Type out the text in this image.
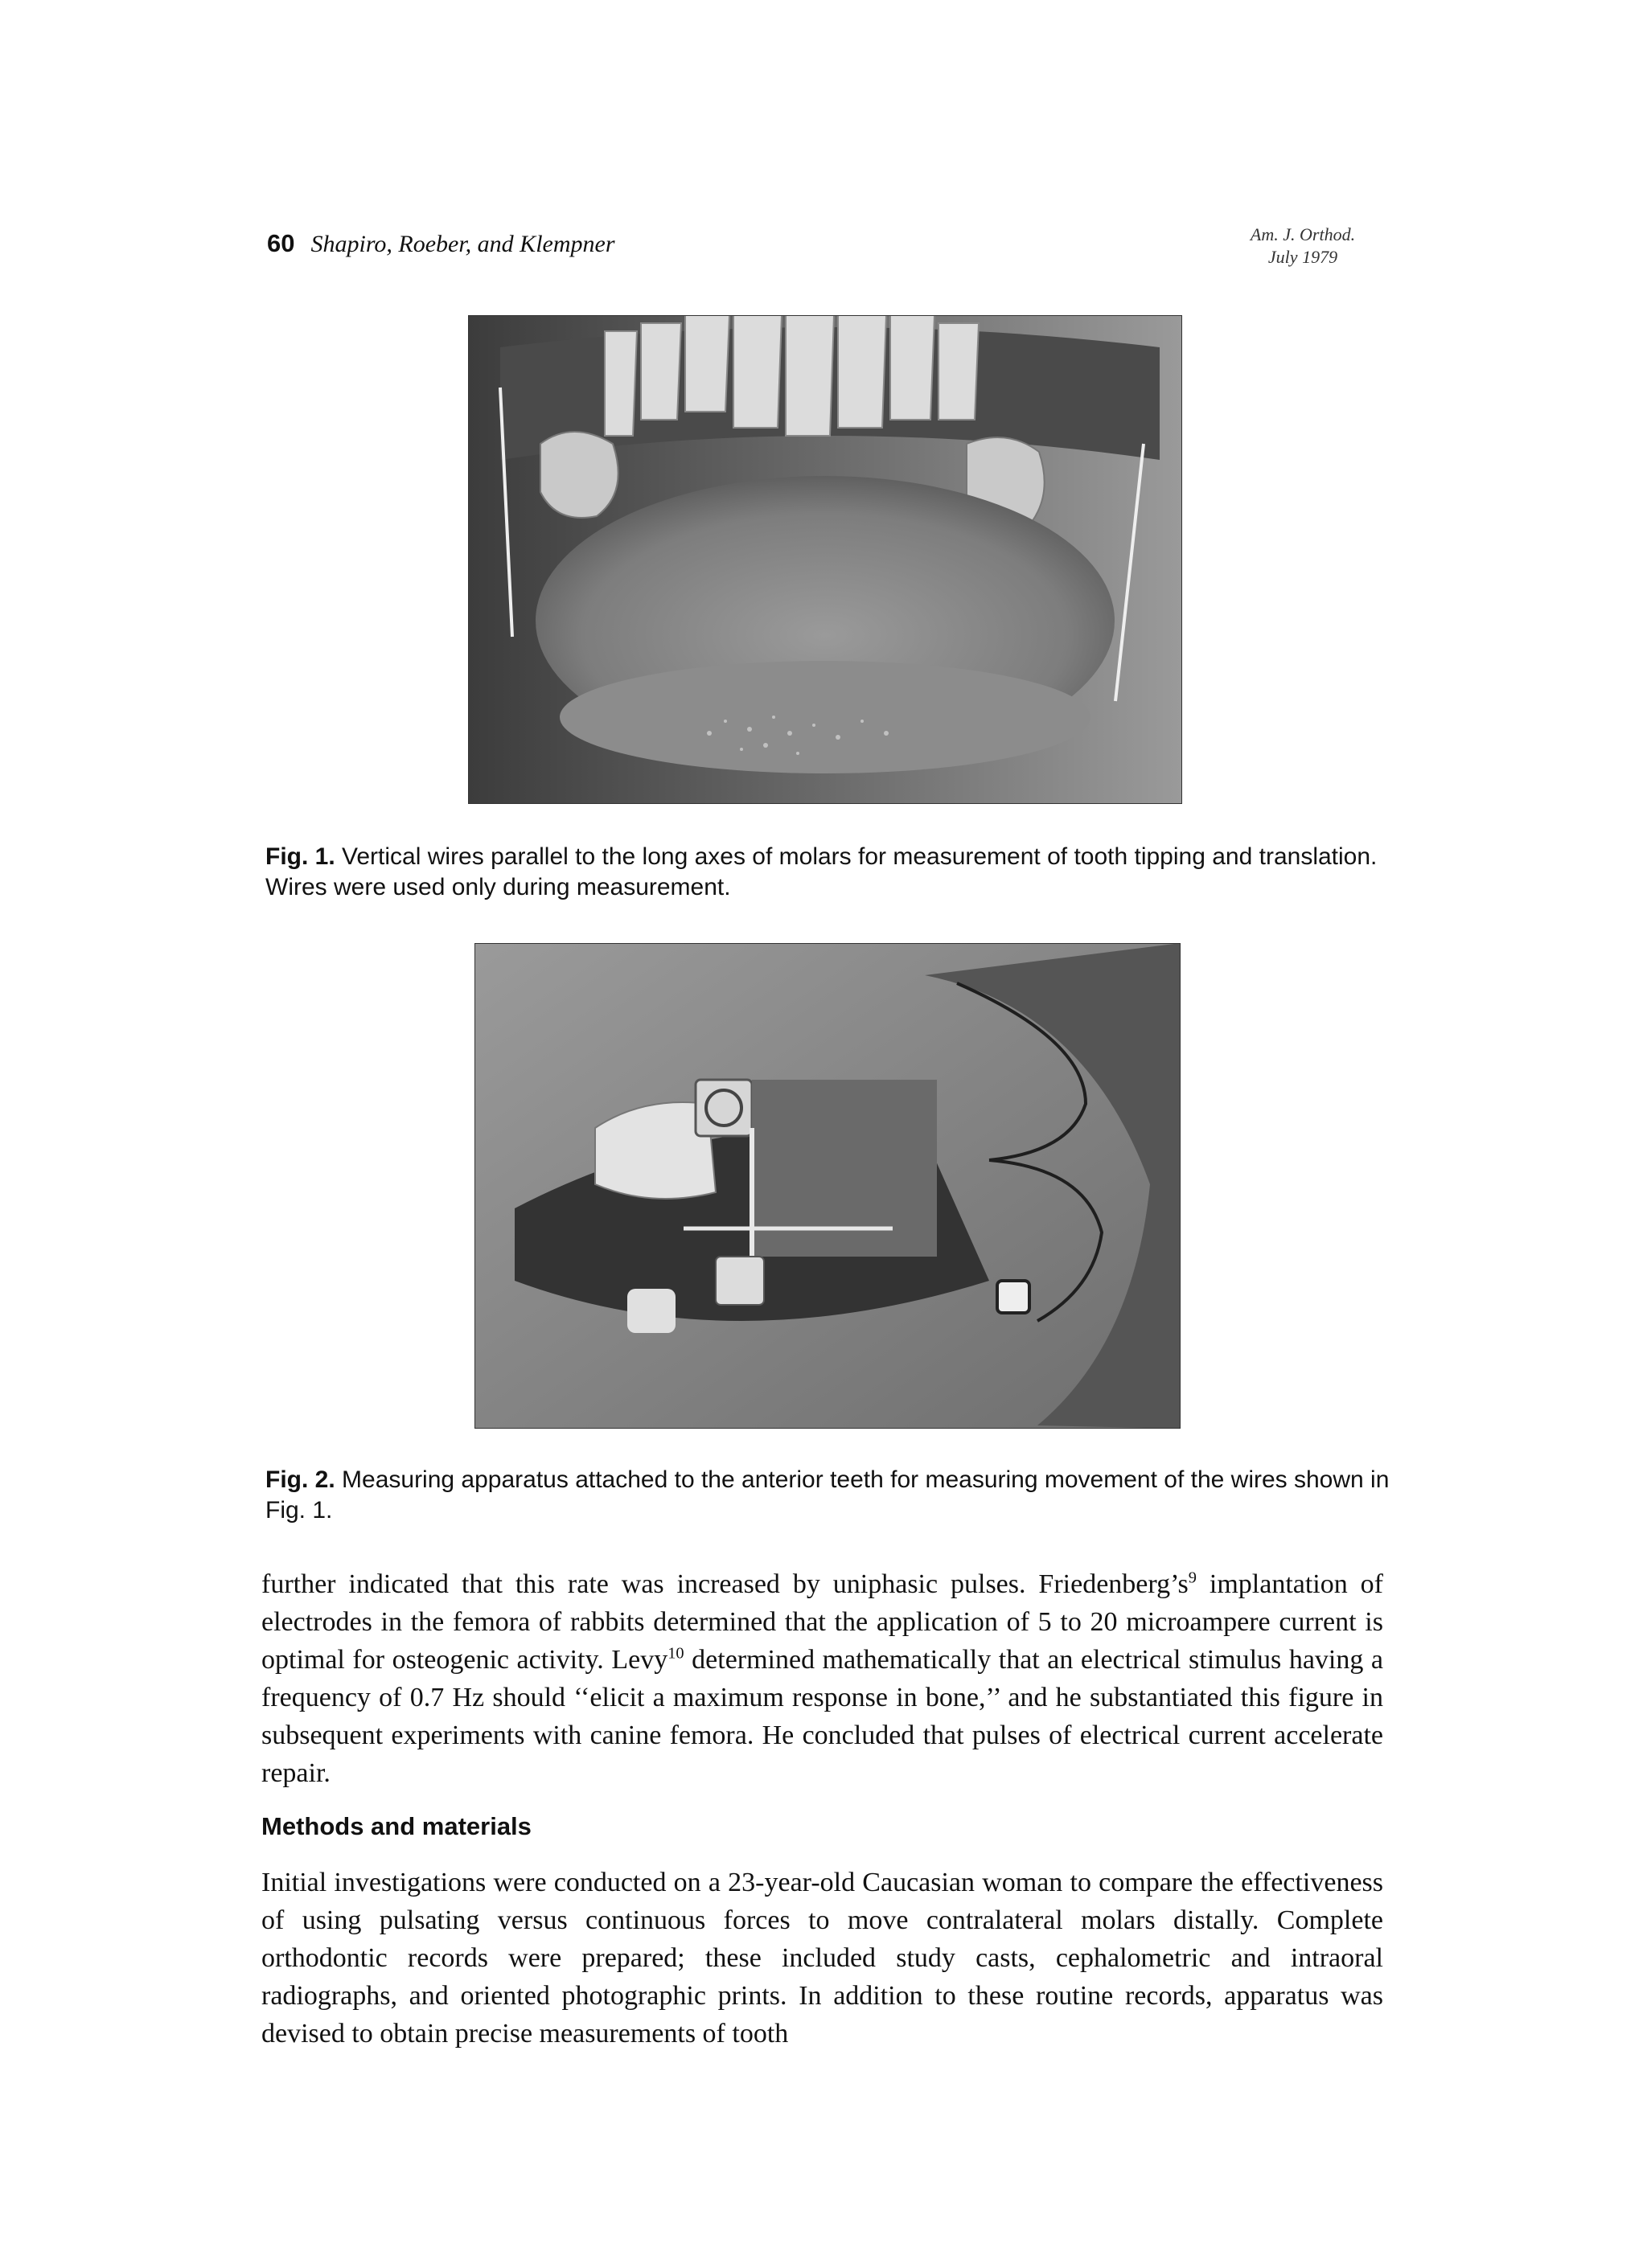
60 Shapiro, Roeber, and Klempner	Am. J. Orthod.
July 1979
Fig. 1. Vertical wires parallel to the long axes of molars for measurement of tooth tipping and translation. Wires were used only during measurement.
Fig. 2. Measuring apparatus attached to the anterior teeth for measuring movement of the wires shown in Fig. 1.

further indicated that this rate was increased by uniphasic pulses. $Friedenberg’s^9$ implantation of electrodes in the femora of rabbits determined that the application of 5 to 20 microampere current is optimal for osteogenic activity. Levy$^{10}$ determined mathematically that an electrical stimulus having a frequency of 0.7 Hz should ‘‘elicit a maximum response in bone,’’ and he substantiated this figure in subsequent experiments with canine femora. He concluded that pulses of electrical current accelerate repair.

Methods and materials

Initial investigations were conducted on a 23-year-old Caucasian woman to compare the effectiveness of using pulsating versus continuous forces to move contralateral molars distally. Complete orthodontic records were prepared; these included study casts, cephalometric and intraoral radiographs, and oriented photographic prints. In addition to these routine records, apparatus was devised to obtain precise measurements of tooth
